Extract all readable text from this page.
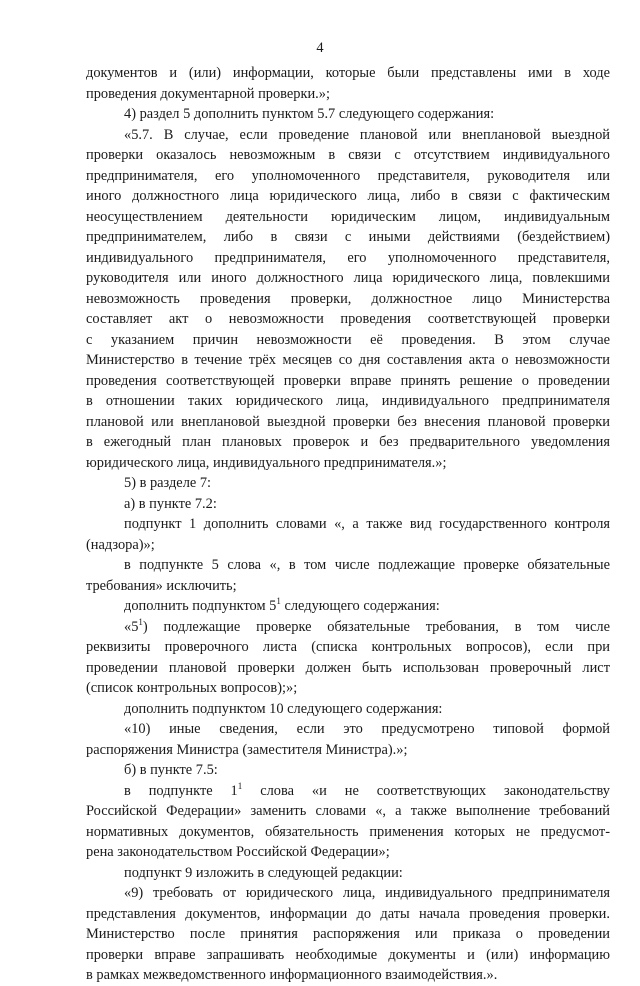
4
документов и (или) информации, которые были представлены ими в ходе
проведения документарной проверки.»;
4) раздел 5 дополнить пунктом 5.7 следующего содержания:
«5.7. В случае, если проведение плановой или внеплановой выездной
проверки оказалось невозможным в связи с отсутствием индивидуального
предпринимателя, его уполномоченного представителя, руководителя или
иного должностного лица юридического лица, либо в связи с фактическим
неосуществлением деятельности юридическим лицом, индивидуальным
предпринимателем, либо в связи с иными действиями (бездействием)
индивидуального предпринимателя, его уполномоченного представителя,
руководителя или иного должностного лица юридического лица, повлекшими
невозможность проведения проверки, должностное лицо Министерства
составляет акт о невозможности проведения соответствующей проверки
с указанием причин невозможности её проведения. В этом случае
Министерство в течение трёх месяцев со дня составления акта о невозможности
проведения соответствующей проверки вправе принять решение о проведении
в отношении таких юридического лица, индивидуального предпринимателя
плановой или внеплановой выездной проверки без внесения плановой проверки
в ежегодный план плановых проверок и без предварительного уведомления
юридического лица, индивидуального предпринимателя.»;
5) в разделе 7:
а) в пункте 7.2:
подпункт 1 дополнить словами «, а также вид государственного контроля
(надзора)»;
в подпункте 5 слова «, в том числе подлежащие проверке обязательные
требования» исключить;
дополнить подпунктом $5^1$ следующего содержания:
«$5^1$) подлежащие проверке обязательные требования, в том числе
реквизиты проверочного листа (списка контрольных вопросов), если при
проведении плановой проверки должен быть использован проверочный лист
(список контрольных вопросов);»;
дополнить подпунктом 10 следующего содержания:
«10) иные сведения, если это предусмотрено типовой формой
распоряжения Министра (заместителя Министра).»;
б) в пункте 7.5:
в подпункте $1^1$ слова «и не соответствующих законодательству
Российской Федерации» заменить словами «, а также выполнение требований
нормативных документов, обязательность применения которых не предусмот-
рена законодательством Российской Федерации»;
подпункт 9 изложить в следующей редакции:
«9) требовать от юридического лица, индивидуального предпринимателя
представления документов, информации до даты начала проведения проверки.
Министерство после принятия распоряжения или приказа о проведении
проверки вправе запрашивать необходимые документы и (или) информацию
в рамках межведомственного информационного взаимодействия.».
